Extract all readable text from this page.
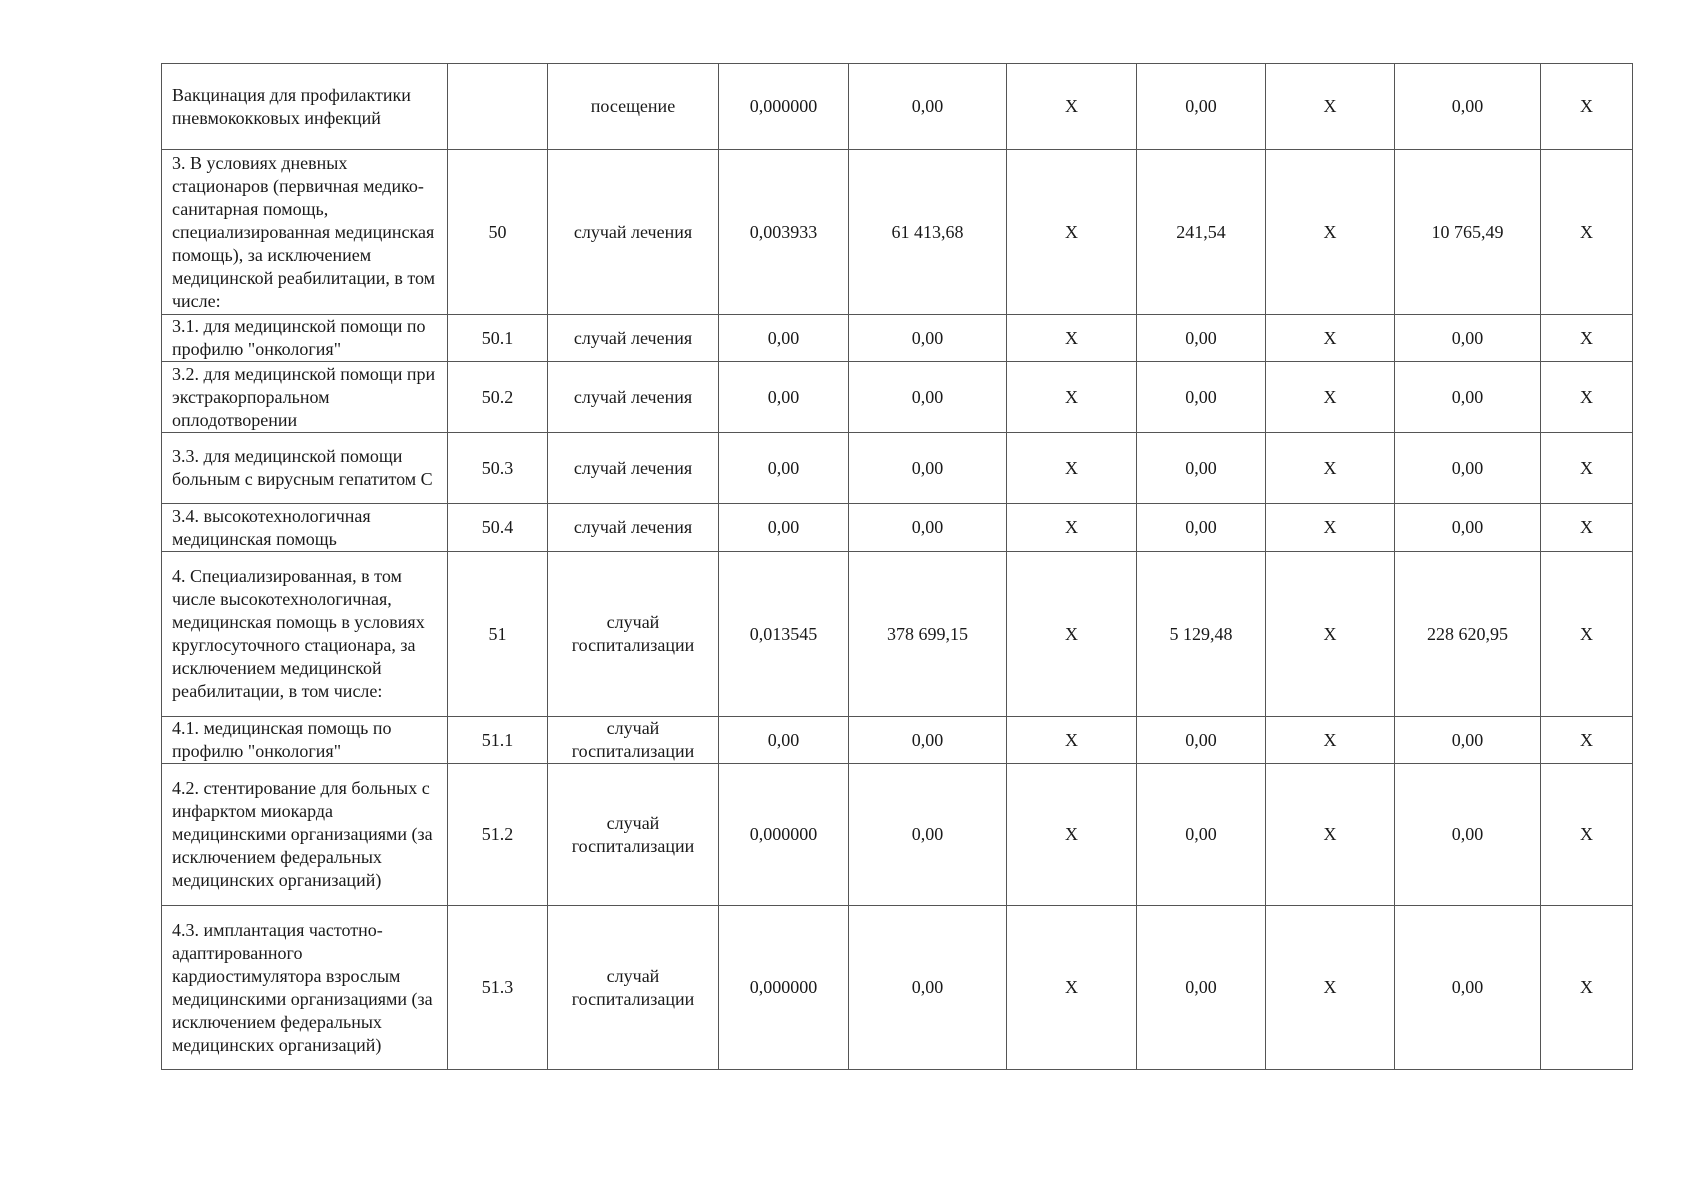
Вакцинация для профилактики пневмококковых инфекций		посещение	0,000000	0,00	X	0,00	X	0,00	X
3. В условиях дневных стационаров (первичная медико-санитарная помощь, специализированная медицинская помощь), за исключением медицинской реабилитации, в том числе:	50	случай лечения	0,003933	61 413,68	X	241,54	X	10 765,49	X
3.1. для медицинской помощи по профилю "онкология"	50.1	случай лечения	0,00	0,00	X	0,00	X	0,00	X
3.2. для медицинской помощи при экстракорпоральном оплодотворении	50.2	случай лечения	0,00	0,00	X	0,00	X	0,00	X
3.3. для медицинской помощи больным с вирусным гепатитом С	50.3	случай лечения	0,00	0,00	X	0,00	X	0,00	X
3.4. высокотехнологичная медицинская помощь	50.4	случай лечения	0,00	0,00	X	0,00	X	0,00	X
4. Специализированная, в том числе высокотехнологичная, медицинская помощь в условиях круглосуточного стационара, за исключением медицинской реабилитации, в том числе:	51	случай госпитализации	0,013545	378 699,15	X	5 129,48	X	228 620,95	X
4.1. медицинская помощь по профилю "онкология"	51.1	случай госпитализации	0,00	0,00	X	0,00	X	0,00	X
4.2. стентирование для больных с инфарктом миокарда медицинскими организациями (за исключением федеральных медицинских организаций)	51.2	случай госпитализации	0,000000	0,00	X	0,00	X	0,00	X
4.3. имплантация частотно-адаптированного кардиостимулятора взрослым медицинскими организациями (за исключением федеральных медицинских организаций)	51.3	случай госпитализации	0,000000	0,00	X	0,00	X	0,00	X
